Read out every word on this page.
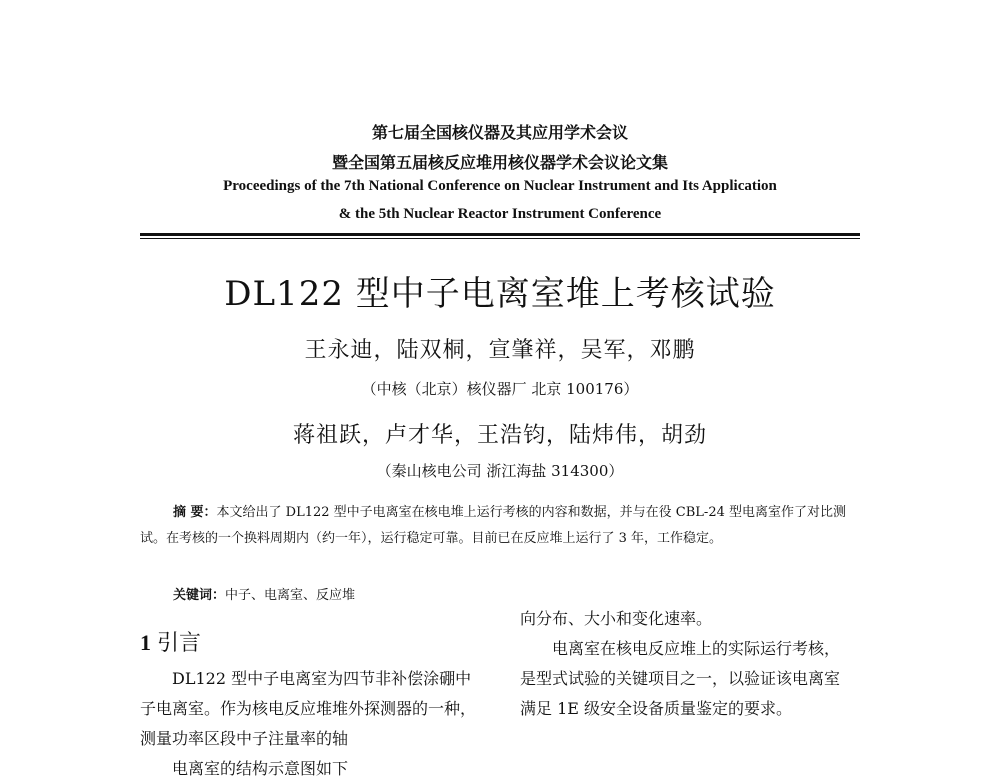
第七届全国核仪器及其应用学术会议
暨全国第五届核反应堆用核仪器学术会议论文集
Proceedings of the 7th National Conference on Nuclear Instrument and Its Application
& the 5th Nuclear Reactor Instrument Conference
DL122 型中子电离室堆上考核试验
王永迪，陆双桐，宣肇祥，吴军，邓鹏
（中核（北京）核仪器厂 北京 100176）
蒋祖跃，卢才华，王浩钧，陆炜伟，胡劲
（秦山核电公司 浙江海盐 314300）
摘 要：本文给出了 DL122 型中子电离室在核电堆上运行考核的内容和数据，并与在役 CBL-24 型电离室作了对比测试。在考核的一个换料周期内（约一年），运行稳定可靠。目前已在反应堆上运行了 3 年，工作稳定。
关键词：中子、电离室、反应堆
1 引言

DL122 型中子电离室为四节非补偿涂硼中子电离室。作为核电反应堆堆外探测器的一种，测量功率区段中子注量率的轴

电离室的结构示意图如下

向分布、大小和变化速率。

电离室在核电反应堆上的实际运行考核，是型式试验的关键项目之一，以验证该电离室满足 1E 级安全设备质量鉴定的要求。
